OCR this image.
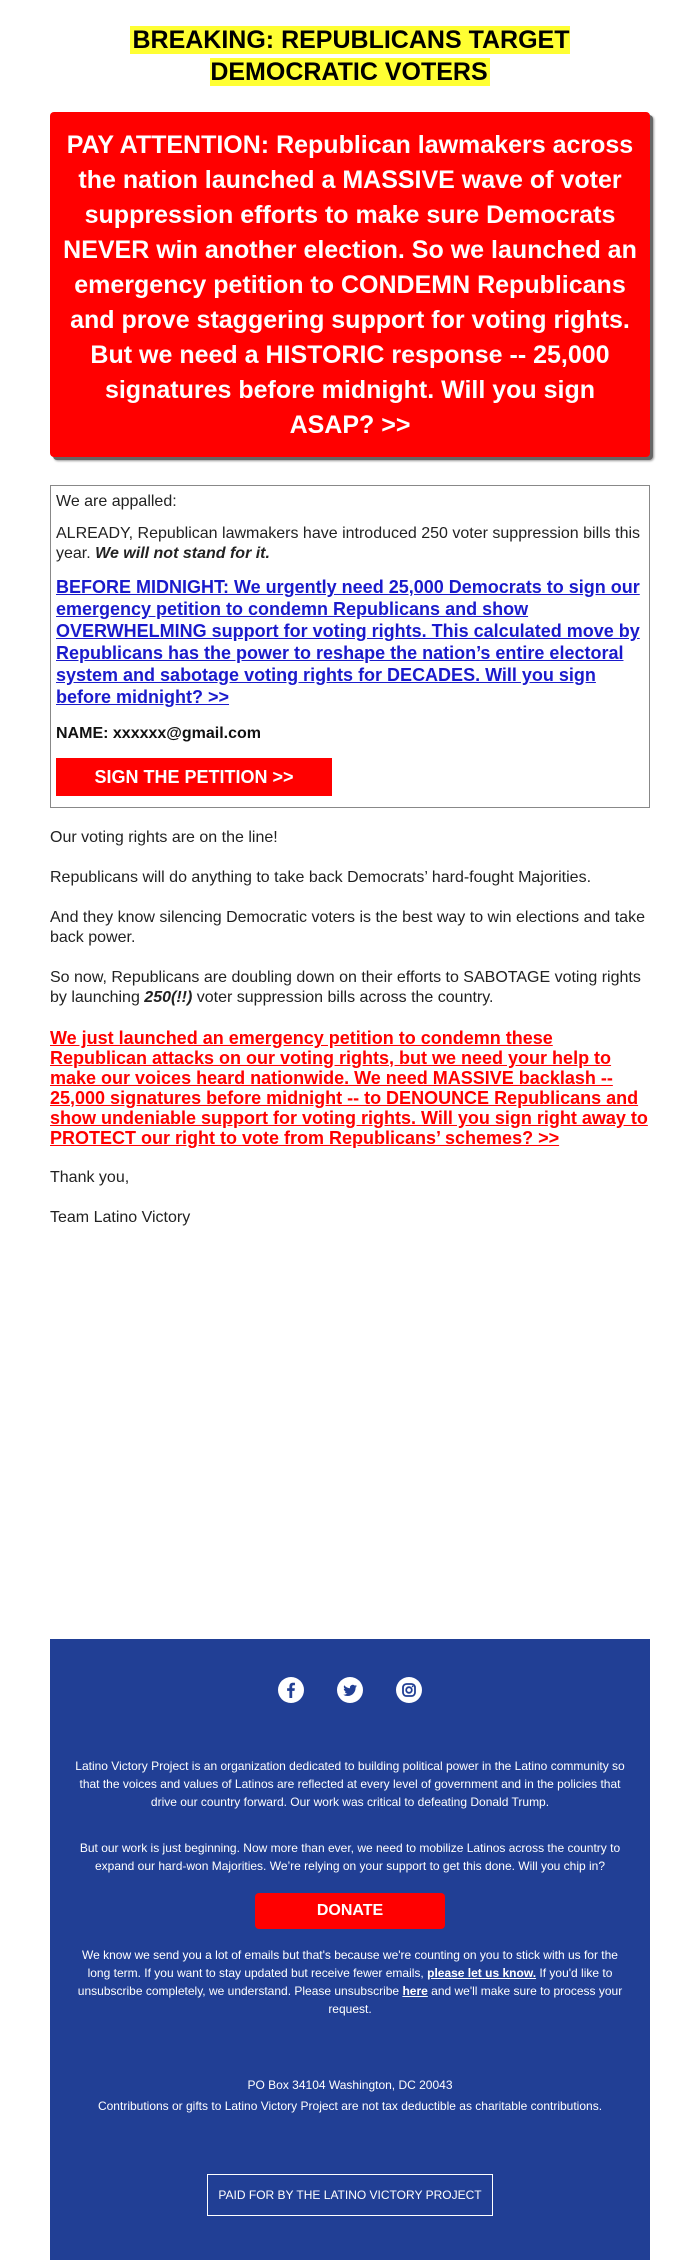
BREAKING: REPUBLICANS TARGET DEMOCRATIC VOTERS
PAY ATTENTION: Republican lawmakers across the nation launched a MASSIVE wave of voter suppression efforts to make sure Democrats NEVER win another election. So we launched an emergency petition to CONDEMN Republicans and prove staggering support for voting rights. But we need a HISTORIC response -- 25,000 signatures before midnight. Will you sign ASAP? >>

We are appalled:

ALREADY, Republican lawmakers have introduced 250 voter suppression bills this year. We will not stand for it.

BEFORE MIDNIGHT: We urgently need 25,000 Democrats to sign our emergency petition to condemn Republicans and show OVERWHELMING support for voting rights. This calculated move by Republicans has the power to reshape the nation’s entire electoral system and sabotage voting rights for DECADES. Will you sign before midnight? >>
NAME: xxxxxx@gmail.com
SIGN THE PETITION >>

Our voting rights are on the line!

Republicans will do anything to take back Democrats’ hard-fought Majorities.

And they know silencing Democratic voters is the best way to win elections and take back power.

So now, Republicans are doubling down on their efforts to SABOTAGE voting rights by launching 250(!!) voter suppression bills across the country.

We just launched an emergency petition to condemn these Republican attacks on our voting rights, but we need your help to make our voices heard nationwide. We need MASSIVE backlash -- 25,000 signatures before midnight -- to DENOUNCE Republicans and show undeniable support for voting rights. Will you sign right away to PROTECT our right to vote from Republicans’ schemes? >>

Thank you,

Team Latino Victory

Latino Victory Project is an organization dedicated to building political power in the Latino community so that the voices and values of Latinos are reflected at every level of government and in the policies that drive our country forward. Our work was critical to defeating Donald Trump.

But our work is just beginning. Now more than ever, we need to mobilize Latinos across the country to expand our hard-won Majorities. We’re relying on your support to get this done. Will you chip in?

DONATE

We know we send you a lot of emails but that's because we're counting on you to stick with us for the long term. If you want to stay updated but receive fewer emails, please let us know. If you'd like to unsubscribe completely, we understand. Please unsubscribe here and we'll make sure to process your request.

PO Box 34104 Washington, DC 20043

Contributions or gifts to Latino Victory Project are not tax deductible as charitable contributions.

PAID FOR BY THE LATINO VICTORY PROJECT
